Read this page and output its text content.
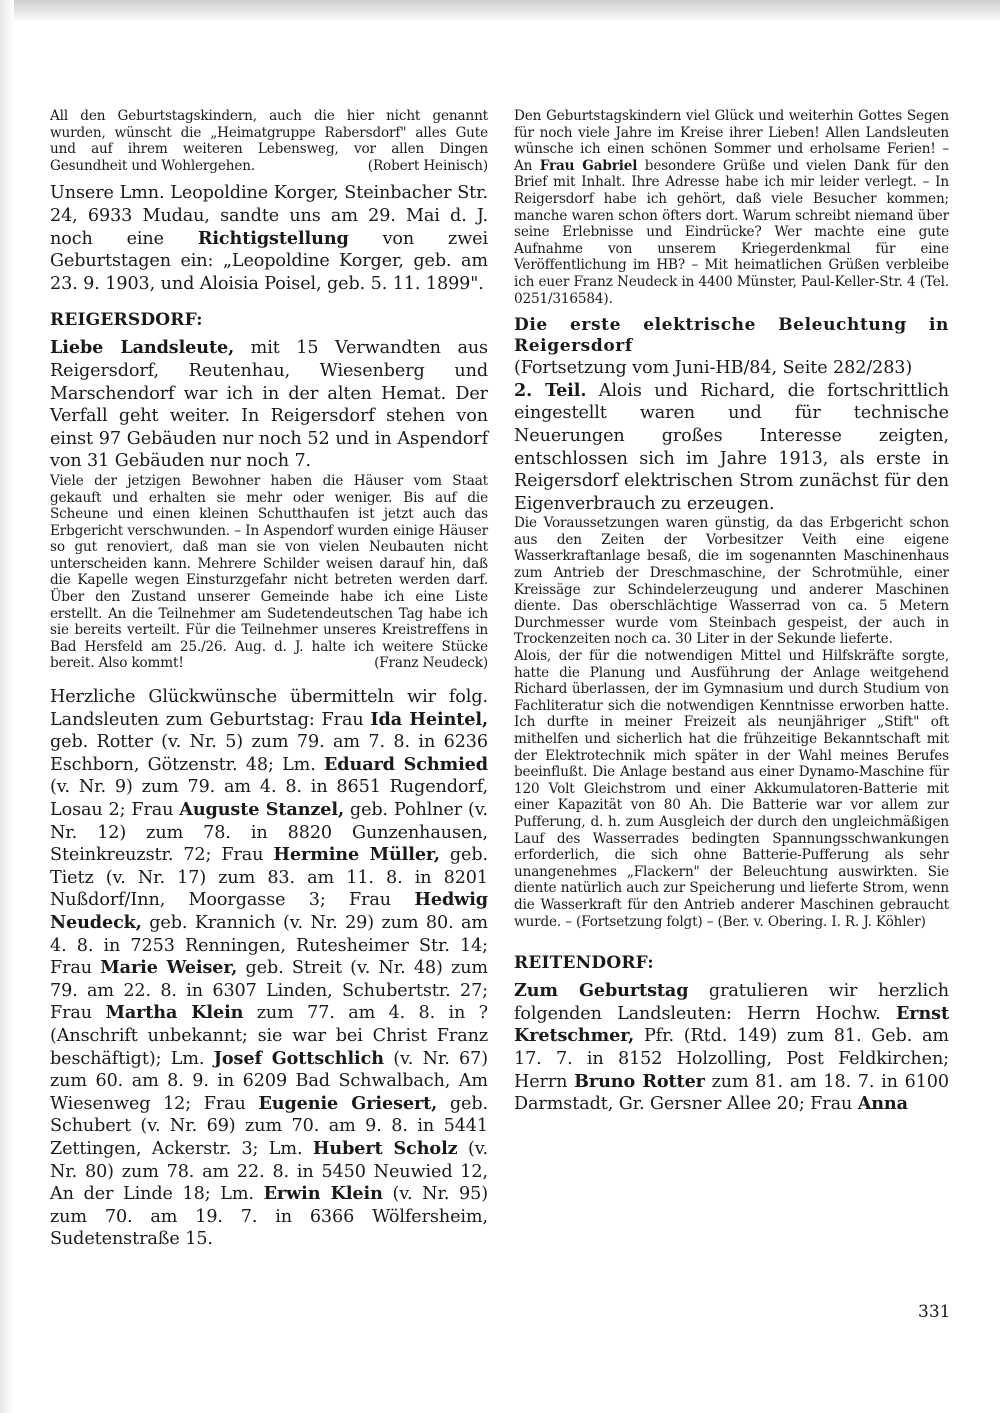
All den Geburtstagskindern, auch die hier nicht genannt wurden, wünscht die „Heimatgruppe Rabersdorf" alles Gute und auf ihrem weiteren Lebensweg, vor allen Dingen Gesundheit und Wohlergehen.	(Robert Heinisch)

Unsere Lmn. Leopoldine Korger, Steinbacher Str. 24, 6933 Mudau, sandte uns am 29. Mai d. J. noch eine Richtigstellung von zwei Geburtstagen ein: „Leopoldine Korger, geb. am 23. 9. 1903, und Aloisia Poisel, geb. 5. 11. 1899".

REIGERSDORF:

Liebe Landsleute, mit 15 Verwandten aus Reigersdorf, Reutenhau, Wiesenberg und Marschendorf war ich in der alten Hemat. Der Verfall geht weiter. In Reigersdorf stehen von einst 97 Gebäuden nur noch 52 und in Aspendorf von 31 Gebäuden nur noch 7.

Viele der jetzigen Bewohner haben die Häuser vom Staat gekauft und erhalten sie mehr oder weniger. Bis auf die Scheune und einen kleinen Schutthaufen ist jetzt auch das Erbgericht verschwunden. – In Aspendorf wurden einige Häuser so gut renoviert, daß man sie von vielen Neubauten nicht unterscheiden kann. Mehrere Schilder weisen darauf hin, daß die Kapelle wegen Einsturzgefahr nicht betreten werden darf. Über den Zustand unserer Gemeinde habe ich eine Liste erstellt. An die Teilnehmer am Sudetendeutschen Tag habe ich sie bereits verteilt. Für die Teilnehmer unseres Kreistreffens in Bad Hersfeld am 25./26. Aug. d. J. halte ich weitere Stücke bereit. Also kommt!	(Franz Neudeck)

Herzliche Glückwünsche übermitteln wir folg. Landsleuten zum Geburtstag: Frau Ida Heintel, geb. Rotter (v. Nr. 5) zum 79. am 7. 8. in 6236 Eschborn, Götzenstr. 48; Lm. Eduard Schmied (v. Nr. 9) zum 79. am 4. 8. in 8651 Rugendorf, Losau 2; Frau Auguste Stanzel, geb. Pohlner (v. Nr. 12) zum 78. in 8820 Gunzenhausen, Steinkreuzstr. 72; Frau Hermine Müller, geb. Tietz (v. Nr. 17) zum 83. am 11. 8. in 8201 Nußdorf/Inn, Moorgasse 3; Frau Hedwig Neudeck, geb. Krannich (v. Nr. 29) zum 80. am 4. 8. in 7253 Renningen, Rutesheimer Str. 14; Frau Marie Weiser, geb. Streit (v. Nr. 48) zum 79. am 22. 8. in 6307 Linden, Schubertstr. 27; Frau Martha Klein zum 77. am 4. 8. in ? (Anschrift unbekannt; sie war bei Christ Franz beschäftigt); Lm. Josef Gottschlich (v. Nr. 67) zum 60. am 8. 9. in 6209 Bad Schwalbach, Am Wiesenweg 12; Frau Eugenie Griesert, geb. Schubert (v. Nr. 69) zum 70. am 9. 8. in 5441 Zettingen, Ackerstr. 3; Lm. Hubert Scholz (v. Nr. 80) zum 78. am 22. 8. in 5450 Neuwied 12, An der Linde 18; Lm. Erwin Klein (v. Nr. 95) zum 70. am 19. 7. in 6366 Wölfersheim, Sudetenstraße 15.

Den Geburtstagskindern viel Glück und weiterhin Gottes Segen für noch viele Jahre im Kreise ihrer Lieben! Allen Landsleuten wünsche ich einen schönen Sommer und erholsame Ferien! – An Frau Gabriel besondere Grüße und vielen Dank für den Brief mit Inhalt. Ihre Adresse habe ich mir leider verlegt. – In Reigersdorf habe ich gehört, daß viele Besucher kommen; manche waren schon öfters dort. Warum schreibt niemand über seine Erlebnisse und Eindrücke? Wer machte eine gute Aufnahme von unserem Kriegerdenkmal für eine Veröffentlichung im HB? – Mit heimatlichen Grüßen verbleibe ich euer Franz Neudeck in 4400 Münster, Paul-Keller-Str. 4 (Tel. 0251/316584).

Die erste elektrische Beleuchtung in Reigersdorf

(Fortsetzung vom Juni-HB/84, Seite 282/283)
2. Teil. Alois und Richard, die fortschrittlich eingestellt waren und für technische Neuerungen großes Interesse zeigten, entschlossen sich im Jahre 1913, als erste in Reigersdorf elektrischen Strom zunächst für den Eigenverbrauch zu erzeugen.

Die Voraussetzungen waren günstig, da das Erbgericht schon aus den Zeiten der Vorbesitzer Veith eine eigene Wasserkraftanlage besaß, die im sogenannten Maschinenhaus zum Antrieb der Dreschmaschine, der Schrotmühle, einer Kreissäge zur Schindelerzeugung und anderer Maschinen diente. Das oberschlächtige Wasserrad von ca. 5 Metern Durchmesser wurde vom Steinbach gespeist, der auch in Trockenzeiten noch ca. 30 Liter in der Sekunde lieferte.

Alois, der für die notwendigen Mittel und Hilfskräfte sorgte, hatte die Planung und Ausführung der Anlage weitgehend Richard überlassen, der im Gymnasium und durch Studium von Fachliteratur sich die notwendigen Kenntnisse erworben hatte. Ich durfte in meiner Freizeit als neunjähriger „Stift" oft mithelfen und sicherlich hat die frühzeitige Bekanntschaft mit der Elektrotechnik mich später in der Wahl meines Berufes beeinflußt. Die Anlage bestand aus einer Dynamo-Maschine für 120 Volt Gleichstrom und einer Akkumulatoren-Batterie mit einer Kapazität von 80 Ah. Die Batterie war vor allem zur Pufferung, d. h. zum Ausgleich der durch den ungleichmäßigen Lauf des Wasserrades bedingten Spannungsschwankungen erforderlich, die sich ohne Batterie-Pufferung als sehr unangenehmes „Flackern" der Beleuchtung auswirkten. Sie diente natürlich auch zur Speicherung und lieferte Strom, wenn die Wasserkraft für den Antrieb anderer Maschinen gebraucht wurde. – (Fortsetzung folgt) – (Ber. v. Obering. I. R. J. Köhler)

REITENDORF:

Zum Geburtstag gratulieren wir herzlich folgenden Landsleuten: Herrn Hochw. Ernst Kretschmer, Pfr. (Rtd. 149) zum 81. Geb. am 17. 7. in 8152 Holzolling, Post Feldkirchen; Herrn Bruno Rotter zum 81. am 18. 7. in 6100 Darmstadt, Gr. Gersner Allee 20; Frau Anna

331
